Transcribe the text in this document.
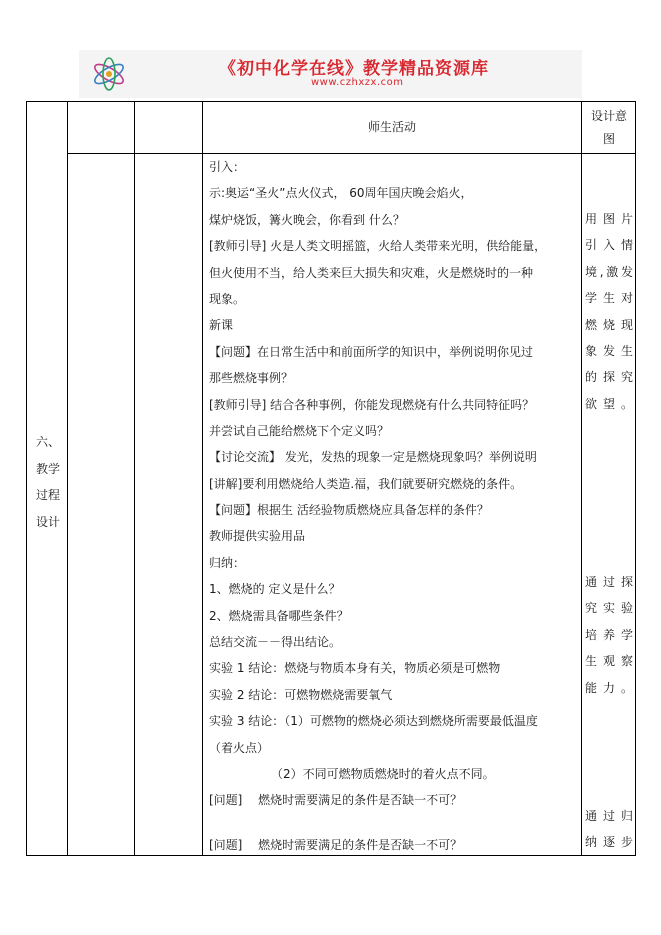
《初中化学在线》教学精品资源库
www.czhxzx.com
师生活动
设计意
图
六、
教学
过程
设计
引入：
示:奥运“圣火”点火仪式， 60周年国庆晚会焰火，
煤炉烧饭，篝火晚会，你看到 什么？
[教师引导] 火是人类文明摇篮，火给人类带来光明，供给能量，
但火使用不当，给人类来巨大损失和灾难，火是燃烧时的一种
现象。
新课
【问题】在日常生活中和前面所学的知识中，举例说明你见过
那些燃烧事例？
[教师引导] 结合各种事例，你能发现燃烧有什么共同特征吗？
并尝试自己能给燃烧下个定义吗？
【讨论交流】 发光，发热的现象一定是燃烧现象吗？举例说明
[讲解]要利用燃烧给人类造.福，我们就要研究燃烧的条件。
【问题】根据生 活经验物质燃烧应具备怎样的条件？
教师提供实验用品
归纳：
1、燃烧的 定义是什么？
2、燃烧需具备哪些条件？
总结交流－－得出结论。
实验 1 结论：燃烧与物质本身有关，物质必须是可燃物
实验 2 结论：可燃物燃烧需要氧气
实验 3 结论：（1）可燃物的燃烧必须达到燃烧所需要最低温度
（着火点）
（2）不同可燃物质燃烧时的着火点不同。
[问题]　 燃烧时需要满足的条件是否缺一不可？
[问题]　 燃烧时需要满足的条件是否缺一不可？
用图片
引入情
境,激发
学生对
燃烧现
象发生
的探究
欲望。
通过探
究实验
培养学
生观察
能力。
通过归
纳逐步
